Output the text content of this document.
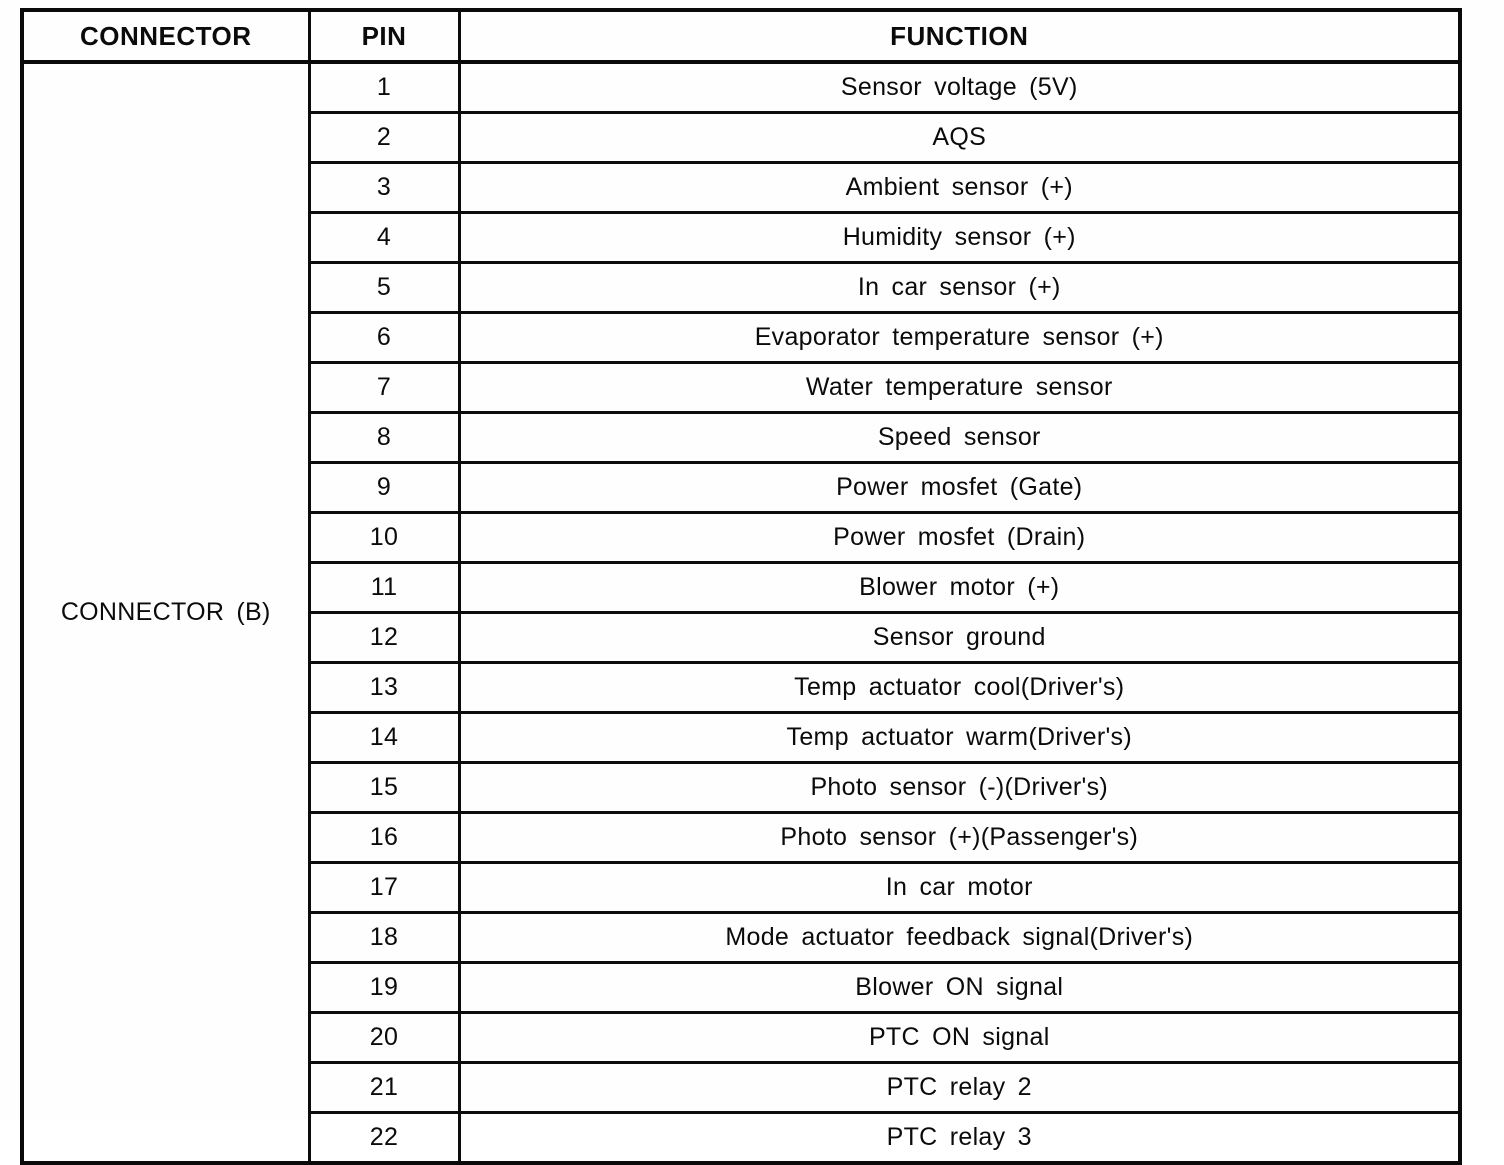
CONNECTOR	PIN	FUNCTION
CONNECTOR (B)	1	Sensor voltage (5V)
	2	AQS
	3	Ambient sensor (+)
	4	Humidity sensor (+)
	5	In car sensor (+)
	6	Evaporator temperature sensor (+)
	7	Water temperature sensor
	8	Speed sensor
	9	Power mosfet (Gate)
	10	Power mosfet (Drain)
	11	Blower motor (+)
	12	Sensor ground
	13	Temp actuator cool(Driver's)
	14	Temp actuator warm(Driver's)
	15	Photo sensor (-)(Driver's)
	16	Photo sensor (+)(Passenger's)
	17	In car motor
	18	Mode actuator feedback signal(Driver's)
	19	Blower ON signal
	20	PTC ON signal
	21	PTC relay 2
	22	PTC relay 3
